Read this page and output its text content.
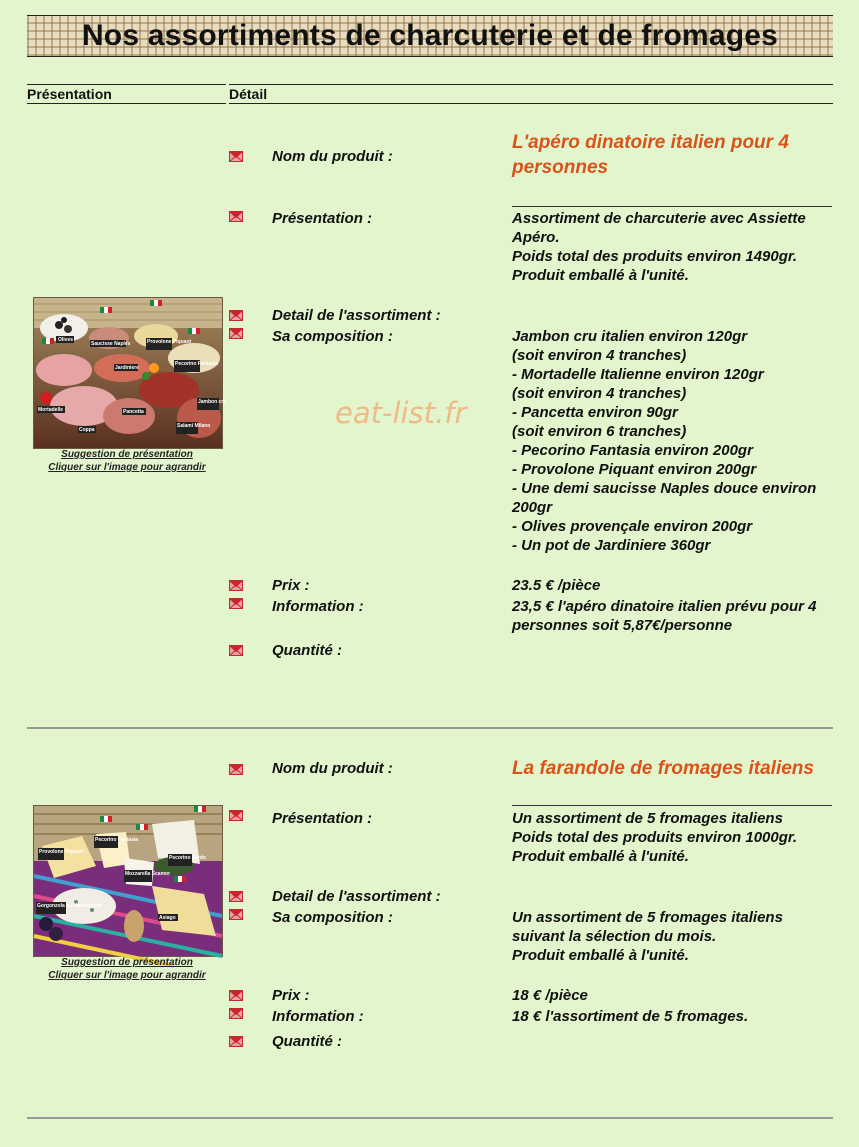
Nos assortiments de charcuterie et de fromages
Présentation	Détail
Olives
Saucisse Naples	Provolone Piquant
Pecorino Fantasia
Jardiniere
Jambon cru
Mortadelle	Pancetta
Coppa
Salami Milano
Suggestion de présentation
Cliquer sur l'image pour agrandir
Nom du produit :
L'apéro dinatoire italien pour 4 personnes
Présentation :	Assortiment de charcuterie avec Assiette Apéro.
Poids total des produits environ 1490gr.
Produit emballé à l'unité.
Detail de l'assortiment :
Sa composition :	Jambon cru italien environ 120gr
(soit environ 4 tranches)
- Mortadelle Italienne environ 120gr
(soit environ 4 tranches)
- Pancetta environ 90gr
(soit environ 6 tranches)
- Pecorino Fantasia environ 200gr
- Provolone Piquant environ 200gr
- Une demi saucisse Naples douce environ 200gr
- Olives provençale environ 200gr
- Un pot de Jardiniere 360gr
eat-list.fr
Prix :	23.5 € /pièce
Information :	23,5 € l'apéro dinatoire italien prévu pour 4 personnes soit 5,87€/personne
Quantité :
Provolone Piquant
Pecorino Fantasia
Pecorino Sardo
Mozzarella Scamor
Gorgonzola au Mascarpone
Asiago
Suggestion de présentation
Cliquer sur l'image pour agrandir
Nom du produit :	La farandole de fromages italiens
Présentation :	Un assortiment de 5 fromages italiens
Poids total des produits environ 1000gr.
Produit emballé à l'unité.
Detail de l'assortiment :
Sa composition :	Un assortiment de 5 fromages italiens
suivant la sélection du mois.
Produit emballé à l'unité.
Prix :	18 € /pièce
Information :	18 € l'assortiment de 5 fromages.
Quantité :
